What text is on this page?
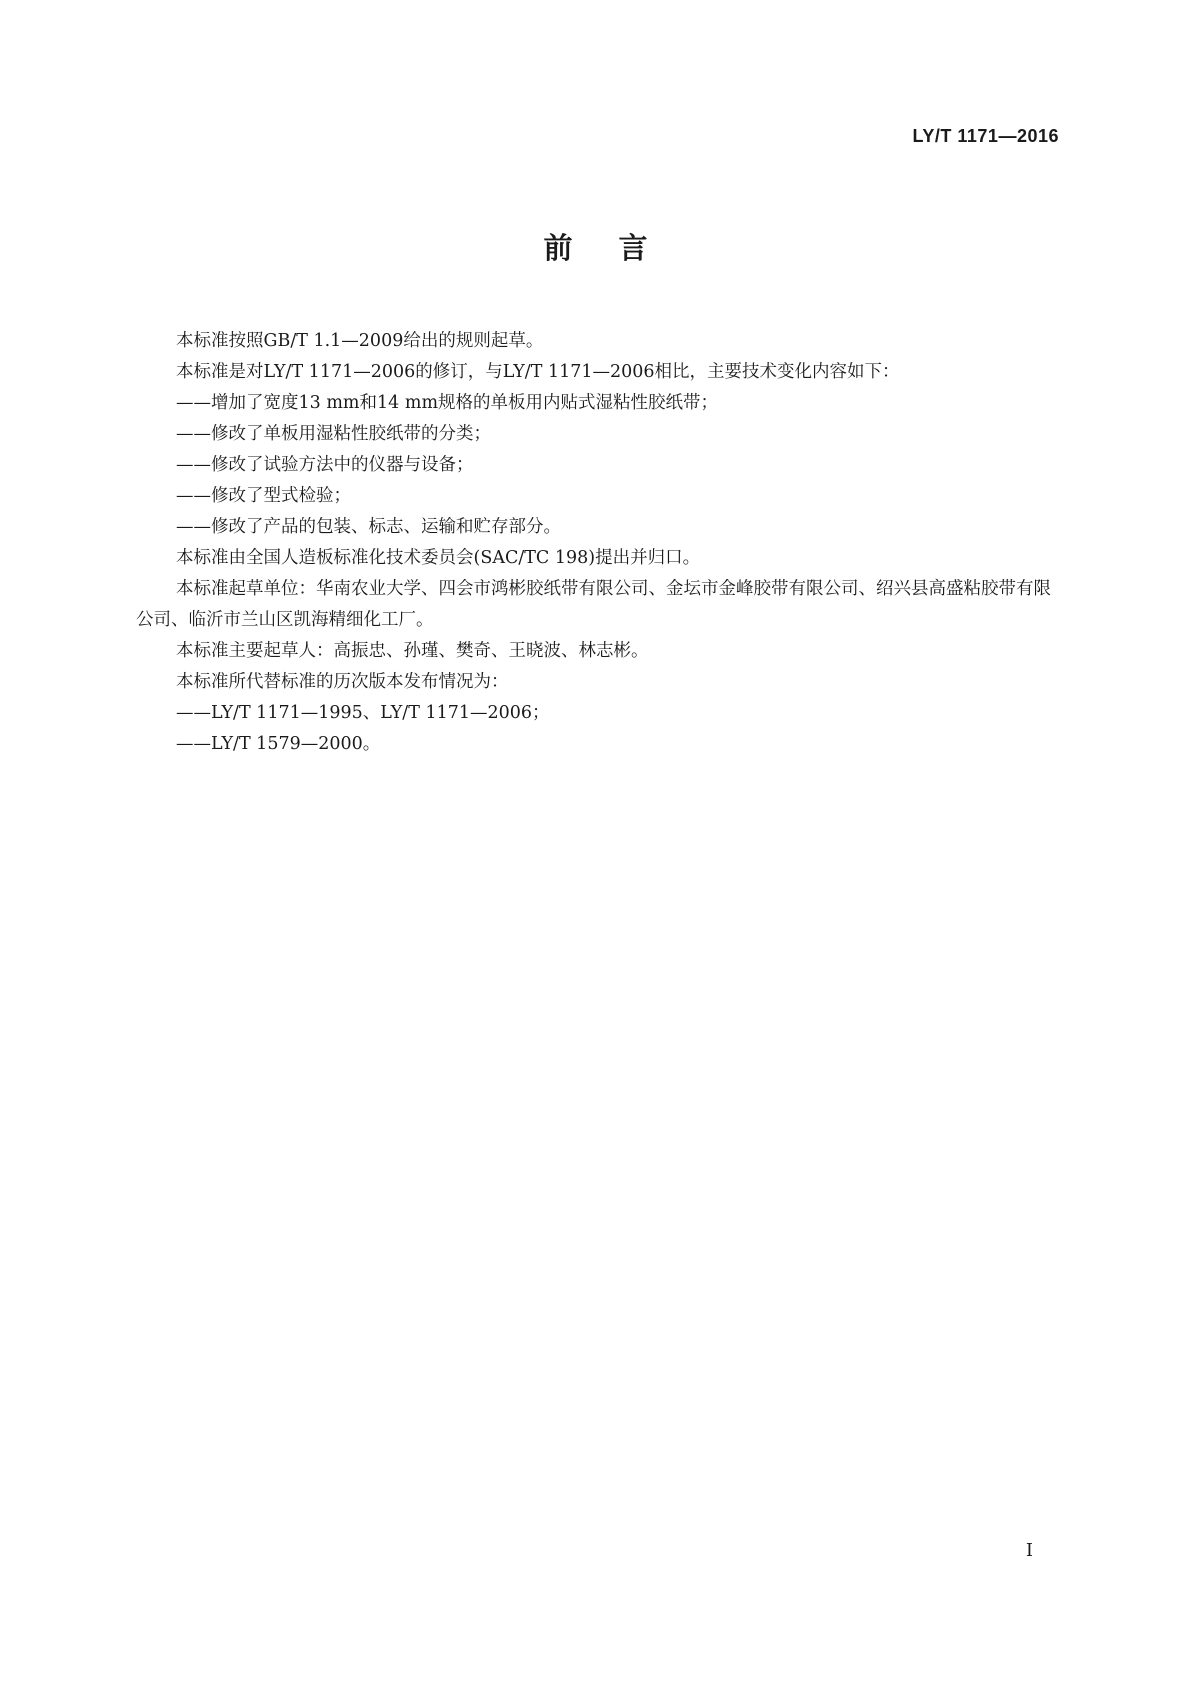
LY/T 1171—2016
前言

本标准按照GB/T 1.1—2009给出的规则起草。

本标准是对LY/T 1171—2006的修订，与LY/T 1171—2006相比，主要技术变化内容如下：

——增加了宽度13 mm和14 mm规格的单板用内贴式湿粘性胶纸带；

——修改了单板用湿粘性胶纸带的分类；

——修改了试验方法中的仪器与设备；

——修改了型式检验；

——修改了产品的包装、标志、运输和贮存部分。

本标准由全国人造板标准化技术委员会(SAC/TC 198)提出并归口。

本标准起草单位：华南农业大学、四会市鸿彬胶纸带有限公司、金坛市金峰胶带有限公司、绍兴县高盛粘胶带有限公司、临沂市兰山区凯海精细化工厂。

本标准主要起草人：高振忠、孙瑾、樊奇、王晓波、林志彬。

本标准所代替标准的历次版本发布情况为：

——LY/T 1171—1995、LY/T 1171—2006；

——LY/T 1579—2000。

I
